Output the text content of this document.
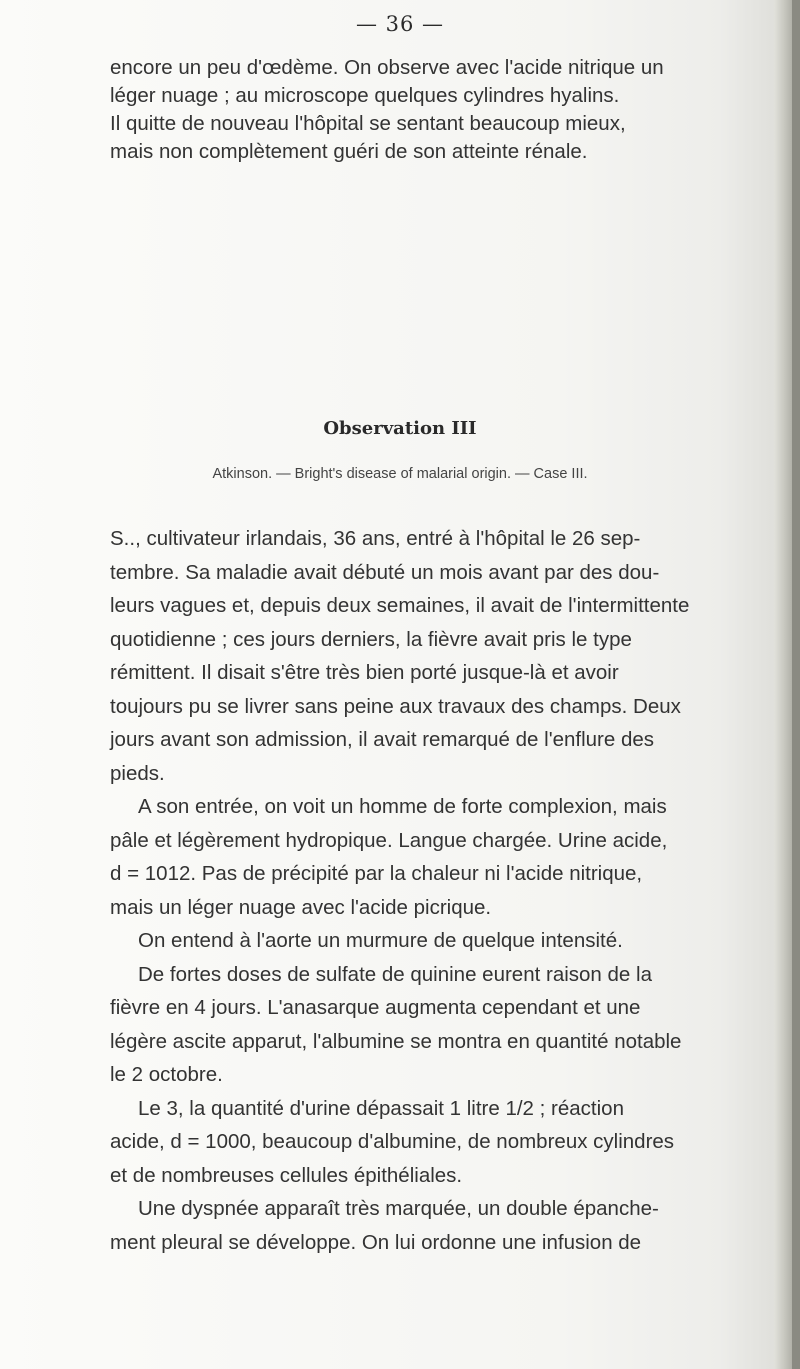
— 36 —
encore un peu d'œdème. On observe avec l'acide nitrique un
léger nuage ; au microscope quelques cylindres hyalins.
Il quitte de nouveau l'hôpital se sentant beaucoup mieux,
mais non complètement guéri de son atteinte rénale.
Observation III
Atkinson. — Bright's disease of malarial origin. — Case III.
S.., cultivateur irlandais, 36 ans, entré à l'hôpital le 26 sep-
tembre. Sa maladie avait débuté un mois avant par des dou-
leurs vagues et, depuis deux semaines, il avait de l'intermittente
quotidienne ; ces jours derniers, la fièvre avait pris le type
rémittent. Il disait s'être très bien porté jusque-là et avoir
toujours pu se livrer sans peine aux travaux des champs. Deux
jours avant son admission, il avait remarqué de l'enflure des
pieds.
A son entrée, on voit un homme de forte complexion, mais
pâle et légèrement hydropique. Langue chargée. Urine acide,
d = 1012. Pas de précipité par la chaleur ni l'acide nitrique,
mais un léger nuage avec l'acide picrique.
On entend à l'aorte un murmure de quelque intensité.
De fortes doses de sulfate de quinine eurent raison de la
fièvre en 4 jours. L'anasarque augmenta cependant et une
légère ascite apparut, l'albumine se montra en quantité notable
le 2 octobre.
Le 3, la quantité d'urine dépassait 1 litre 1/2 ; réaction
acide, d = 1000, beaucoup d'albumine, de nombreux cylindres
et de nombreuses cellules épithéliales.
Une dyspnée apparaît très marquée, un double épanche-
ment pleural se développe. On lui ordonne une infusion de
